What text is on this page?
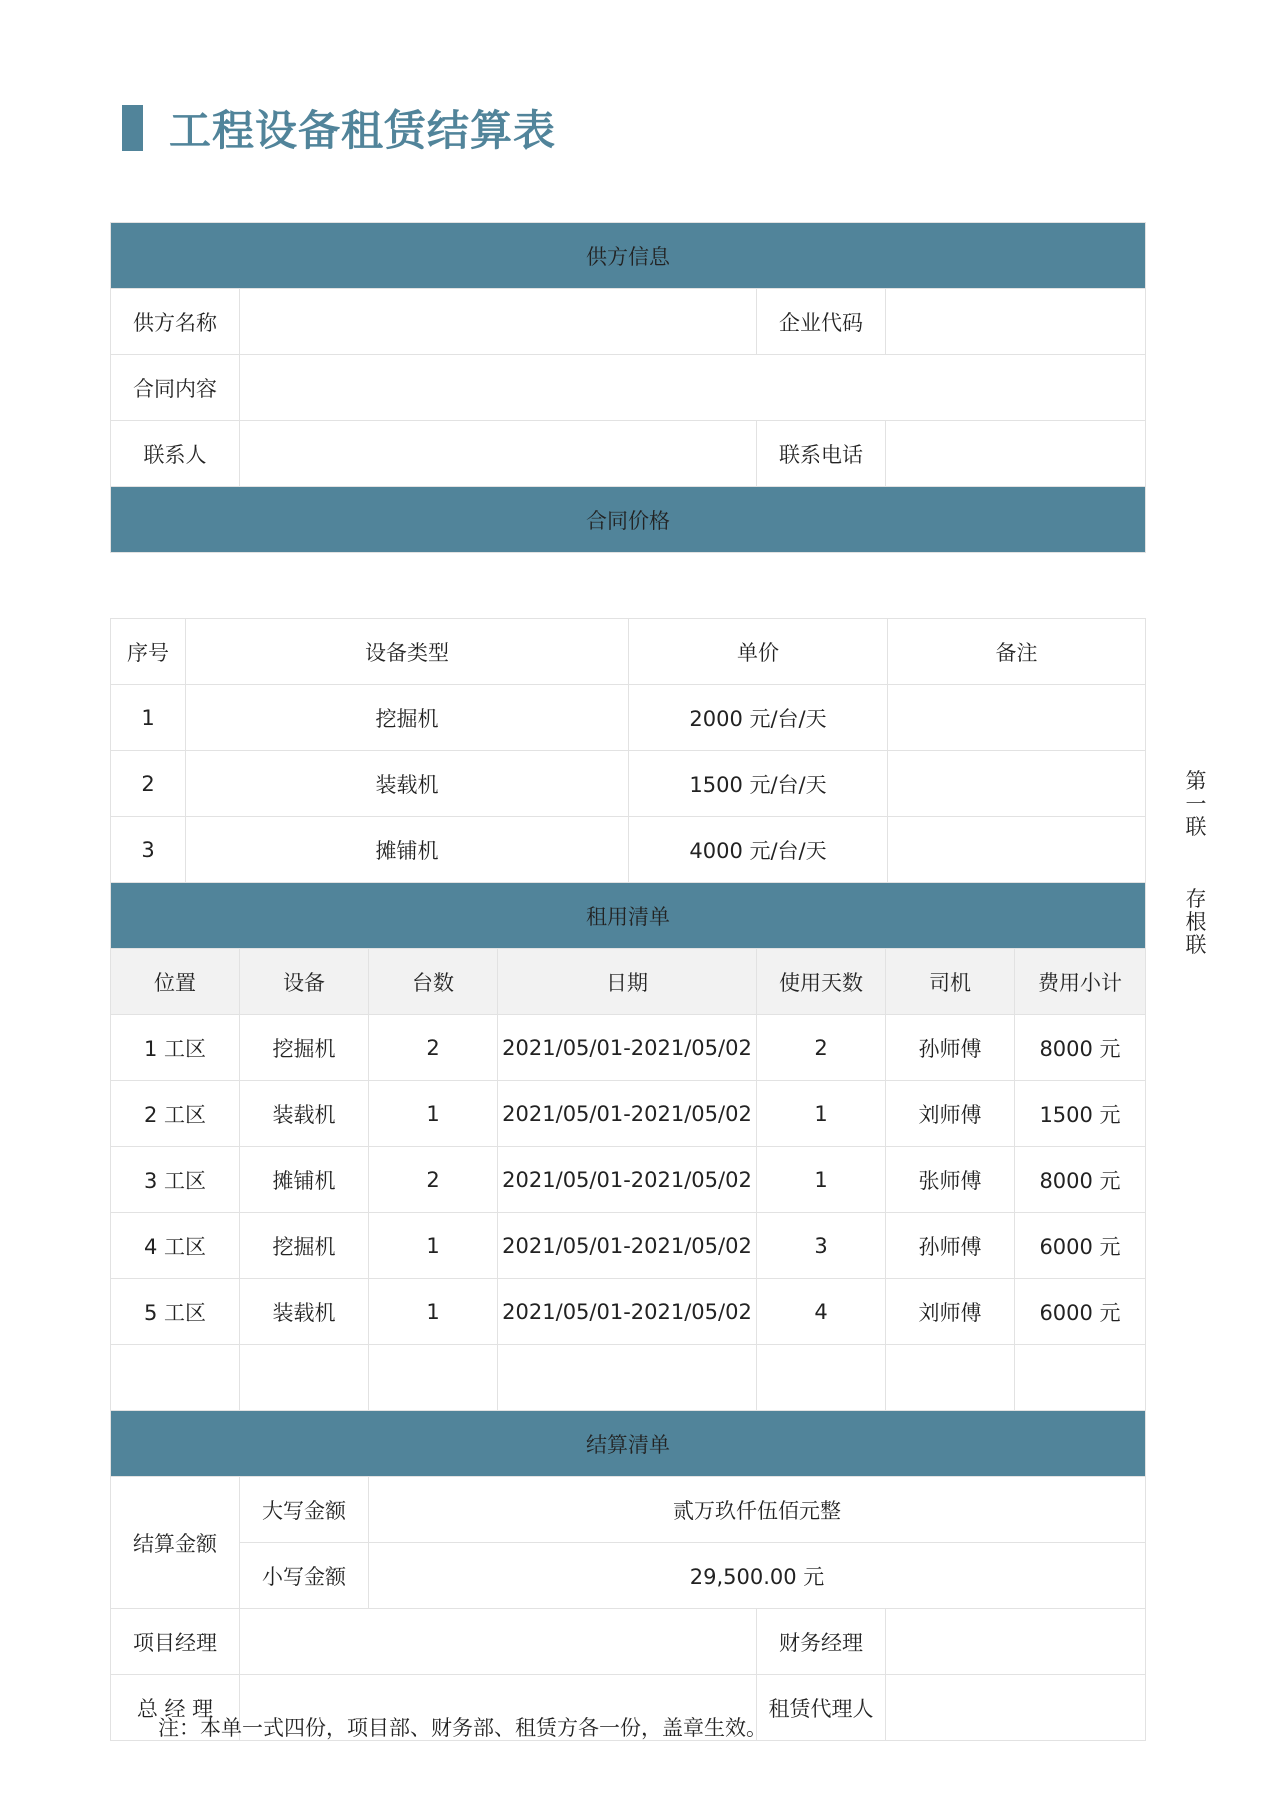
工程设备租赁结算表
供方信息			
供方名称		企业代码	
合同内容			
联系人		联系电话	
合同价格			
序号	设备类型	单价	备注
1	挖掘机	2000 元/台/天	
2	装载机	1500 元/台/天	
3	摊铺机	4000 元/台/天	
租用清单						
位置	设备	台数	日期	使用天数	司机	费用小计
1 工区	挖掘机	2	2021/05/01-2021/05/02	2	孙师傅	8000 元
2 工区	装载机	1	2021/05/01-2021/05/02	1	刘师傅	1500 元
3 工区	摊铺机	2	2021/05/01-2021/05/02	1	张师傅	8000 元
4 工区	挖掘机	1	2021/05/01-2021/05/02	3	孙师傅	6000 元
5 工区	装载机	1	2021/05/01-2021/05/02	4	刘师傅	6000 元

结算清单						
结算金额	大写金额	贰万玖仟伍佰元整				
	小写金额	29,500.00 元				
项目经理				财务经理		
总 经 理				租赁代理人		
第一联
存根联
注：本单一式四份，项目部、财务部、租赁方各一份，盖章生效。
